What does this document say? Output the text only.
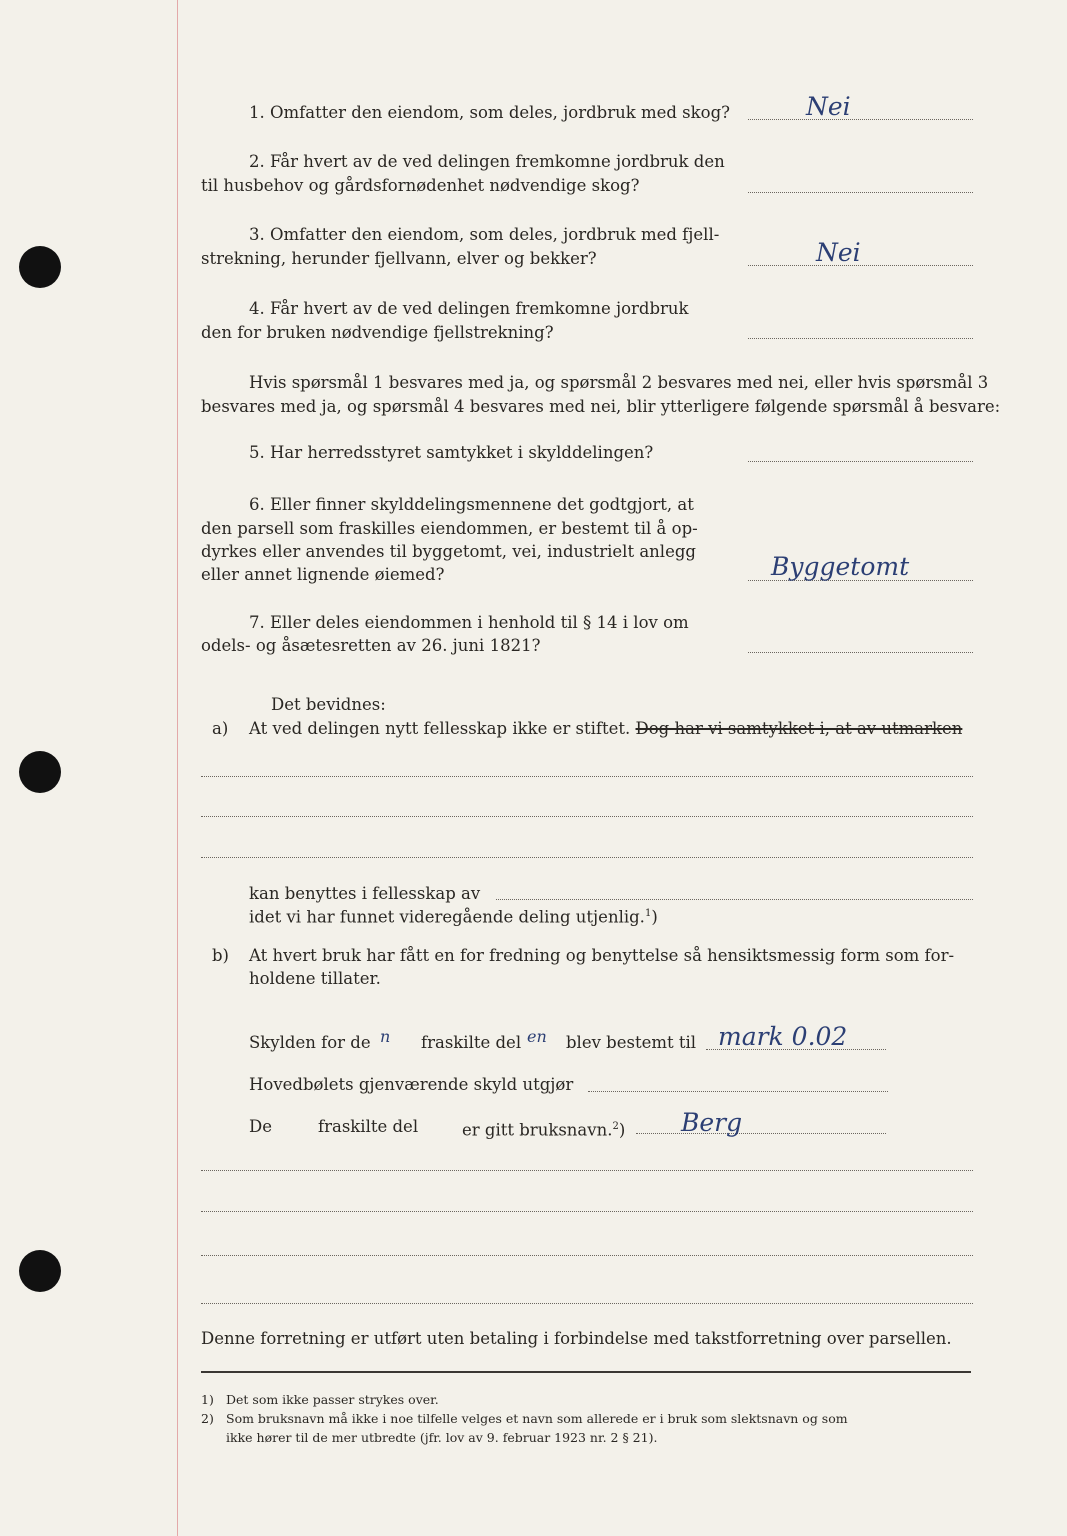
1. Omfatter den eiendom, som deles, jordbruk med skog?	Nei
2. Får hvert av de ved delingen fremkomne jordbruk den
til husbehov og gårdsfornødenhet nødvendige skog?
3. Omfatter den eiendom, som deles, jordbruk med fjell-
strekning, herunder fjellvann, elver og bekker?	Nei
4. Får hvert av de ved delingen fremkomne jordbruk
den for bruken nødvendige fjellstrekning?
Hvis spørsmål 1 besvares med ja, og spørsmål 2 besvares med nei, eller hvis spørsmål 3
besvares med ja, og spørsmål 4 besvares med nei, blir ytterligere følgende spørsmål å besvare:
5. Har herredsstyret samtykket i skylddelingen?
6. Eller finner skylddelingsmennene det godtgjort, at
den parsell som fraskilles eiendommen, er bestemt til å op-
dyrkes eller anvendes til byggetomt, vei, industrielt anlegg
eller annet lignende øiemed?	Byggetomt
7. Eller deles eiendommen i henhold til § 14 i lov om
odels- og åsætesretten av 26. juni 1821?
Det bevidnes:
a) At ved delingen nytt fellesskap ikke er stiftet. Dog har vi samtykket i, at av utmarken
kan benyttes i fellesskap av
idet vi har funnet videregående deling utjenlig.$^1$)
b) At hvert bruk har fått en for fredning og benyttelse så hensiktsmessig form som for-
holdene tillater.
Skylden for de n fraskilte del en blev bestemt til mark 0.02
Hovedbølets gjenværende skyld utgjør
De	fraskilte del	er gitt bruksnavn.$^2$) Berg
Denne forretning er utført uten betaling i forbindelse med takstforretning over parsellen.
1) Det som ikke passer strykes over.
2) Som bruksnavn må ikke i noe tilfelle velges et navn som allerede er i bruk som slektsnavn og som
ikke hører til de mer utbredte (jfr. lov av 9. februar 1923 nr. 2 § 21).
